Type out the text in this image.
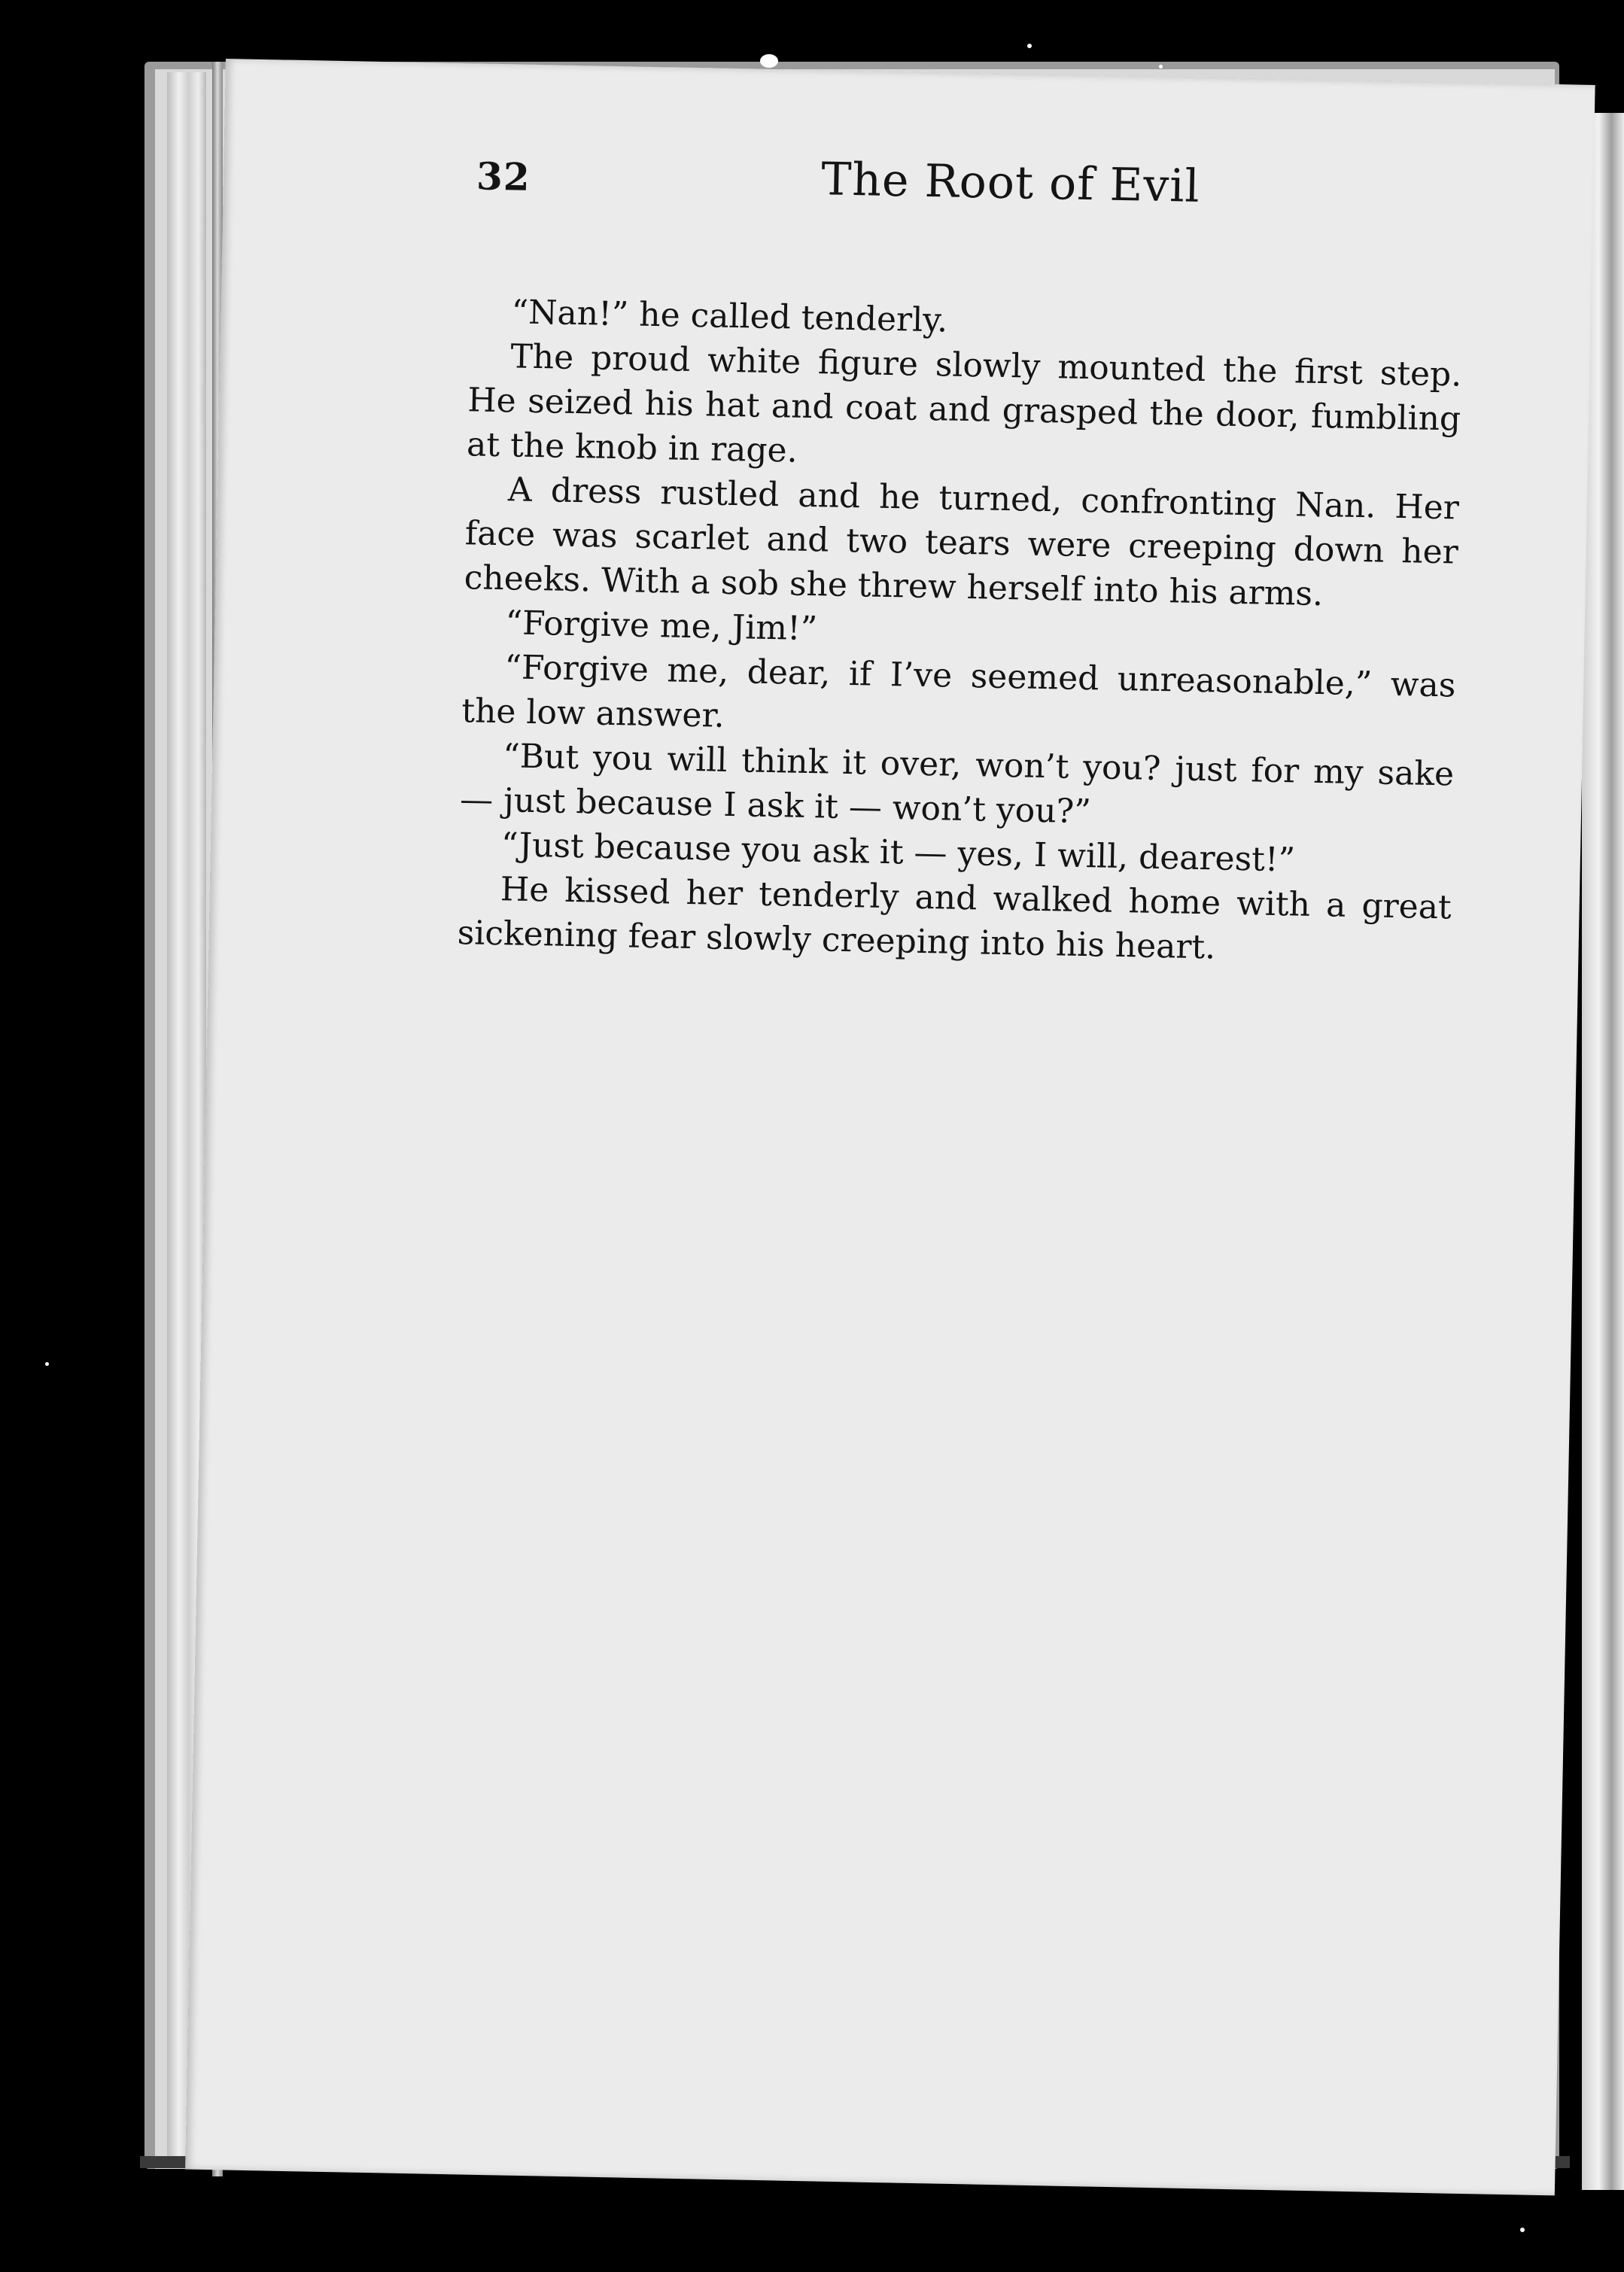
32	The Root of Evil

“Nan!” he called tenderly.

The proud white figure slowly mounted the first step. He seized his hat and coat and grasped the door, fumbling at the knob in rage.

A dress rustled and he turned, confronting Nan. Her face was scarlet and two tears were creeping down her cheeks. With a sob she threw herself into his arms.

“Forgive me, Jim!”

“Forgive me, dear, if I’ve seemed unreasonable,” was the low answer.

“But you will think it over, won’t you? just for my sake — just because I ask it — won’t you?”

“Just because you ask it — yes, I will, dearest!”

He kissed her tenderly and walked home with a great sickening fear slowly creeping into his heart.
